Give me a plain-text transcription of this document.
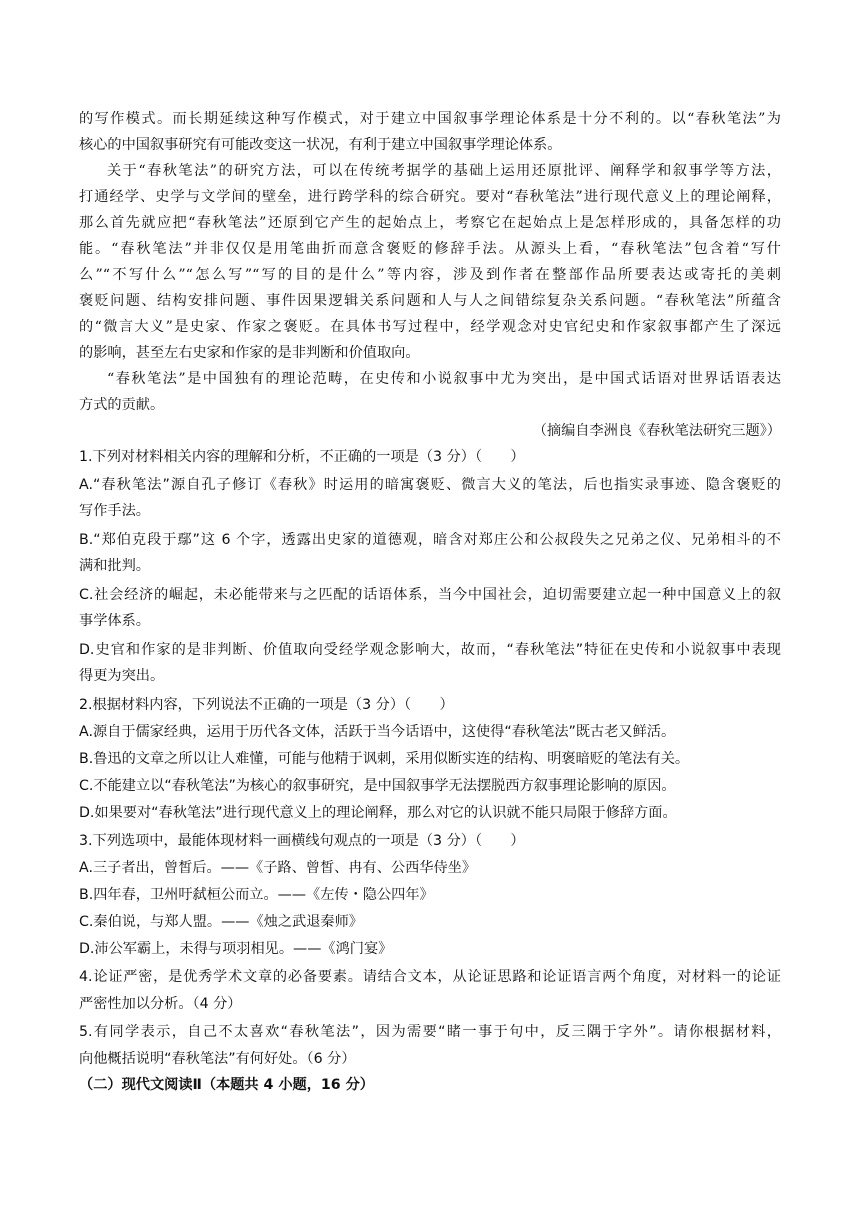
的写作模式。而长期延续这种写作模式，对于建立中国叙事学理论体系是十分不利的。以“春秋笔法”为
核心的中国叙事研究有可能改变这一状况，有利于建立中国叙事学理论体系。
关于“春秋笔法”的研究方法，可以在传统考据学的基础上运用还原批评、阐释学和叙事学等方法，
打通经学、史学与文学间的壁垒，进行跨学科的综合研究。要对“春秋笔法”进行现代意义上的理论阐释，
那么首先就应把“春秋笔法”还原到它产生的起始点上，考察它在起始点上是怎样形成的，具备怎样的功
能。“春秋笔法”并非仅仅是用笔曲折而意含褒贬的修辞手法。从源头上看，“春秋笔法”包含着“写什
么”“不写什么”“怎么写”“写的目的是什么”等内容，涉及到作者在整部作品所要表达或寄托的美刺
褒贬问题、结构安排问题、事件因果逻辑关系问题和人与人之间错综复杂关系问题。“春秋笔法”所蕴含
的“微言大义”是史家、作家之褒贬。在具体书写过程中，经学观念对史官纪史和作家叙事都产生了深远
的影响，甚至左右史家和作家的是非判断和价值取向。
“春秋笔法”是中国独有的理论范畴，在史传和小说叙事中尤为突出，是中国式话语对世界话语表达
方式的贡献。
（摘编自李洲良《春秋笔法研究三题》）
1.下列对材料相关内容的理解和分析，不正确的一项是（3 分）（　　）
A.“春秋笔法”源自孔子修订《春秋》时运用的暗寓褒贬、微言大义的笔法，后也指实录事迹、隐含褒贬的
写作手法。
B.“郑伯克段于鄢”这 6 个字，透露出史家的道德观，暗含对郑庄公和公叔段失之兄弟之仪、兄弟相斗的不
满和批判。
C.社会经济的崛起，未必能带来与之匹配的话语体系，当今中国社会，迫切需要建立起一种中国意义上的叙
事学体系。
D.史官和作家的是非判断、价值取向受经学观念影响大，故而，“春秋笔法”特征在史传和小说叙事中表现
得更为突出。
2.根据材料内容，下列说法不正确的一项是（3 分）（　　）
A.源自于儒家经典，运用于历代各文体，活跃于当今话语中，这使得“春秋笔法”既古老又鲜活。
B.鲁迅的文章之所以让人难懂，可能与他精于讽刺，采用似断实连的结构、明褒暗贬的笔法有关。
C.不能建立以“春秋笔法”为核心的叙事研究，是中国叙事学无法摆脱西方叙事理论影响的原因。
D.如果要对“春秋笔法”进行现代意义上的理论阐释，那么对它的认识就不能只局限于修辞方面。
3.下列选项中，最能体现材料一画横线句观点的一项是（3 分）（　　）
A.三子者出，曾皙后。——《子路、曾皙、冉有、公西华侍坐》
B.四年春，卫州吁弑桓公而立。——《左传・隐公四年》
C.秦伯说，与郑人盟。——《烛之武退秦师》
D.沛公军霸上，未得与项羽相见。——《鸿门宴》
4.论证严密，是优秀学术文章的必备要素。请结合文本，从论证思路和论证语言两个角度，对材料一的论证
严密性加以分析。（4 分）
5.有同学表示，自己不太喜欢“春秋笔法”，因为需要“睹一事于句中，反三隅于字外”。请你根据材料，
向他概括说明“春秋笔法”有何好处。（6 分）
（二）现代文阅读Ⅱ（本题共 4 小题，16 分）
